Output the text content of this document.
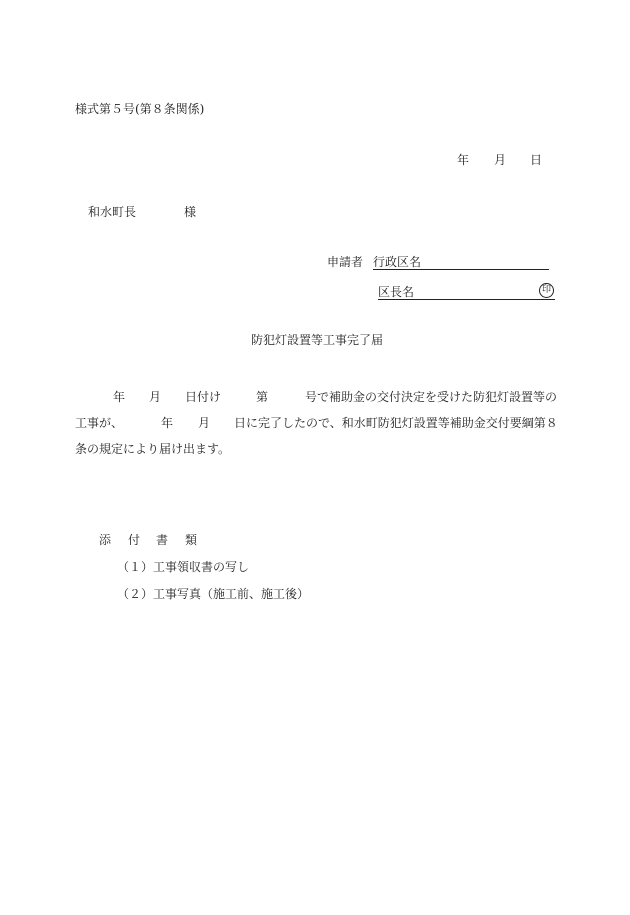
様式第５号(第８条関係)
年 月 日
和水町長	様
申請者 行政区名
区長名	印
防犯灯設置等工事完了届
年 月 日付け	第	号で補助金の交付決定を受けた防犯灯設置等の
工事が、	年 月 日に完了したので、和水町防犯灯設置等補助金交付要綱第８
条の規定により届け出ます。
添 付 書 類
（１）工事領収書の写し
（２）工事写真（施工前、施工後）
